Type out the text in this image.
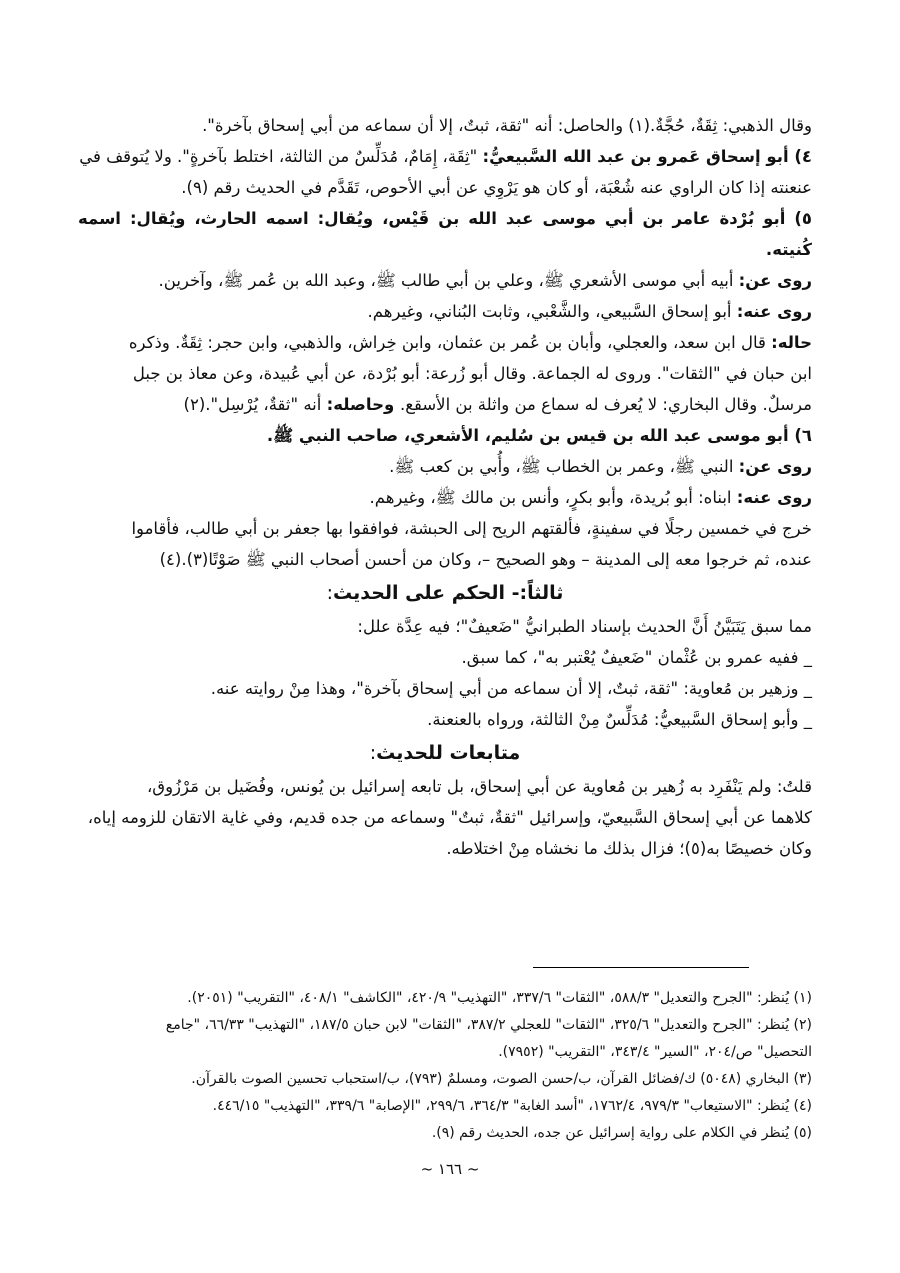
وقال الذهبي: ثِقَةٌ، حُجَّةٌ.(١) والحاصل: أنه "ثقة، ثبتٌ، إلا أن سماعه من أبي إسحاق بآخرة".

٤) أبو إسحاق عَمرو بن عبد الله السَّبيعيُّ: "ثِقَة، إِمَامٌ، مُدَلِّسٌ من الثالثة، اختلط بآخرةٍ". ولا يُتوقف في

عنعنته إذا كان الراوي عنه شُعْبَة، أو كان هو يَرْوِي عن أبي الأحوص، تَقَدَّم في الحديث رقم (٩).

٥) أبو بُرْدة عامر بن أبي موسى عبد الله بن قَيْس، ويُقال: اسمه الحارث، ويُقال: اسمه كُنيته.

روى عن: أبيه أبي موسى الأشعري ﷺ، وعلي بن أبي طالب ﷺ، وعبد الله بن عُمر ﷺ، وآخرين.

روى عنه: أبو إسحاق السَّبيعي، والشَّعْبي، وثابت البُناني، وغيرهم.

حاله: قال ابن سعد، والعجلي، وأبان بن عُمر بن عثمان، وابن خِراش، والذهبي، وابن حجر: ثِقَةٌ. وذكره

ابن حبان في "الثقات". وروى له الجماعة. وقال أبو زُرعة: أبو بُرْدة، عن أبي عُبيدة، وعن معاذ بن جبل

مرسلٌ. وقال البخاري: لا يُعرف له سماع من واثلة بن الأسقع. وحاصله: أنه "ثقةٌ، يُرْسِل".(٢)

٦) أبو موسى عبد الله بن قيس بن سُليم، الأشعري، صاحب النبي ﷺ.

روى عن: النبي ﷺ، وعمر بن الخطاب ﷺ، وأُبي بن كعب ﷺ.

روى عنه: ابناه: أبو بُريدة، وأبو بكرٍ، وأنس بن مالك ﷺ، وغيرهم.

خرج في خمسين رجلًا في سفينةٍ، فألقتهم الريح إلى الحبشة، فوافقوا بها جعفر بن أبي طالب، فأقاموا

عنده، ثم خرجوا معه إلى المدينة – وهو الصحيح –، وكان من أحسن أصحاب النبي ﷺ صَوْتًا(٣).(٤)

ثالثاً:- الحكم على الحديث:

مما سبق يَتَبَيَّنُ أَنَّ الحديث بإسناد الطبرانيُّ "ضَعيفٌ"؛ فيه عِدَّة علل:

_ ففيه عمرو بن عُثْمان "ضَعيفٌ يُعْتبر به"، كما سبق.

_ وزهير بن مُعاوية: "ثقة، ثبتٌ، إلا أن سماعه من أبي إسحاق بآخرة"، وهذا مِنْ روايته عنه.

_ وأبو إسحاق السَّبيعيُّ: مُدَلِّسٌ مِنْ الثالثة، ورواه بالعنعنة.

متابعات للحديث:

قلتُ: ولم يَنْفَرِد به زُهير بن مُعاوية عن أبي إسحاق، بل تابعه إسرائيل بن يُونس، وفُضَيل بن مَرْزُوق،

كلاهما عن أبي إسحاق السَّبيعيّ، وإسرائيل "ثقةٌ، ثبتٌ" وسماعه من جده قديم، وفي غاية الاتقان للزومه إياه،

وكان خصيصًا به(٥)؛ فزال بذلك ما نخشاه مِنْ اختلاطه.

(١) يُنظر: "الجرح والتعديل" ٥٨٨/٣، "الثقات" ٣٣٧/٦، "التهذيب" ٤٢٠/٩، "الكاشف" ٤٠٨/١، "التقريب" (٢٠٥١).

(٢) يُنظر: "الجرح والتعديل" ٣٢٥/٦، "الثقات" للعجلي ٣٨٧/٢، "الثقات" لابن حبان ١٨٧/٥، "التهذيب" ٦٦/٣٣، "جامع

التحصيل" ص/٢٠٤، "السير" ٣٤٣/٤، "التقريب" (٧٩٥٢).

(٣) البخاري (٥٠٤٨) ك/فضائل القرآن، ب/حسن الصوت، ومسلمٌ (٧٩٣)، ب/استحباب تحسين الصوت بالقرآن.

(٤) يُنظر: "الاستيعاب" ٩٧٩/٣، ١٧٦٢/٤، "أسد الغابة" ٣٦٤/٣، ٢٩٩/٦، "الإصابة" ٣٣٩/٦، "التهذيب" ٤٤٦/١٥.

(٥) يُنظر في الكلام على رواية إسرائيل عن جده، الحديث رقم (٩).

~ ١٦٦ ~
